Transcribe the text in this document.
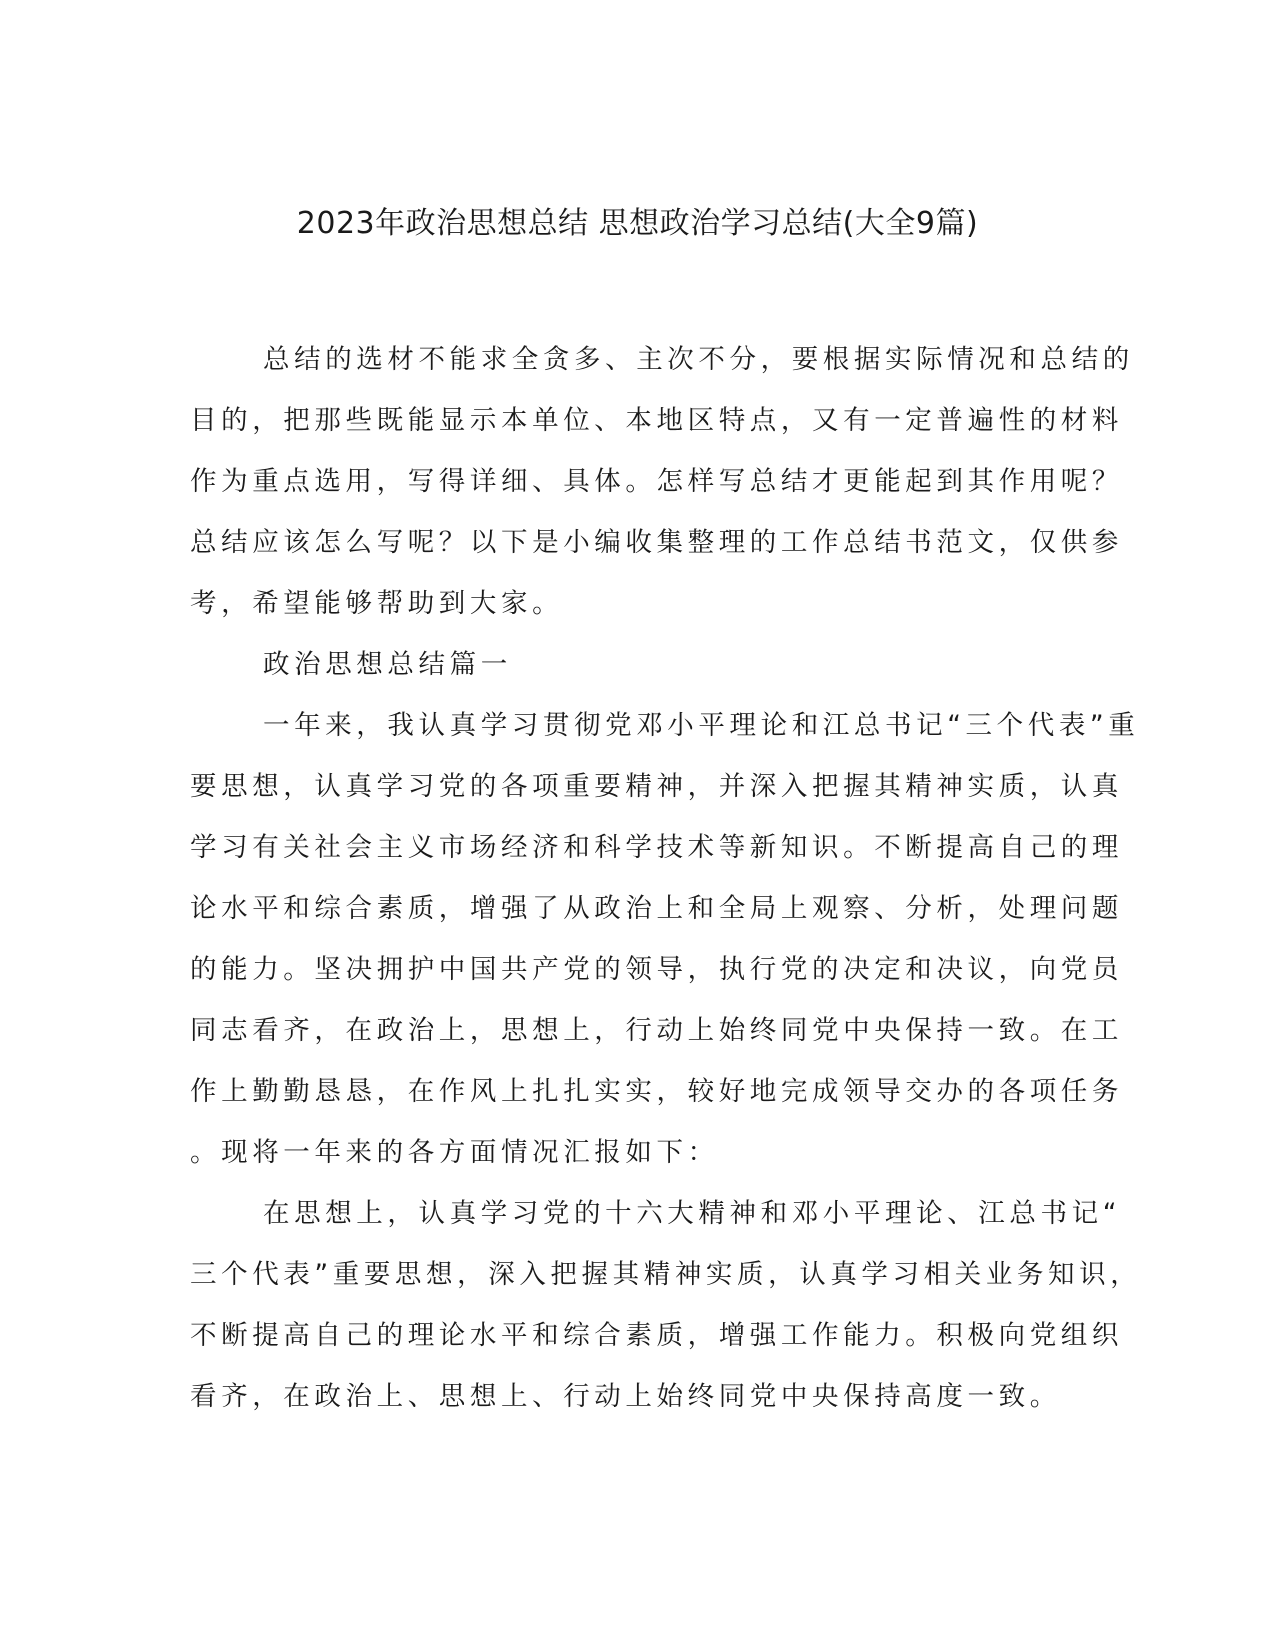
2023年政治思想总结 思想政治学习总结(大全9篇)
总结的选材不能求全贪多、主次不分，要根据实际情况和总结的
目的，把那些既能显示本单位、本地区特点，又有一定普遍性的材料
作为重点选用，写得详细、具体。怎样写总结才更能起到其作用呢？
总结应该怎么写呢？以下是小编收集整理的工作总结书范文，仅供参
考，希望能够帮助到大家。
政治思想总结篇一
一年来，我认真学习贯彻党邓小平理论和江总书记“三个代表”重
要思想，认真学习党的各项重要精神，并深入把握其精神实质，认真
学习有关社会主义市场经济和科学技术等新知识。不断提高自己的理
论水平和综合素质，增强了从政治上和全局上观察、分析，处理问题
的能力。坚决拥护中国共产党的领导，执行党的决定和决议，向党员
同志看齐，在政治上，思想上，行动上始终同党中央保持一致。在工
作上勤勤恳恳，在作风上扎扎实实，较好地完成领导交办的各项任务
。现将一年来的各方面情况汇报如下：
在思想上，认真学习党的十六大精神和邓小平理论、江总书记“
三个代表”重要思想，深入把握其精神实质，认真学习相关业务知识，
不断提高自己的理论水平和综合素质，增强工作能力。积极向党组织
看齐，在政治上、思想上、行动上始终同党中央保持高度一致。
